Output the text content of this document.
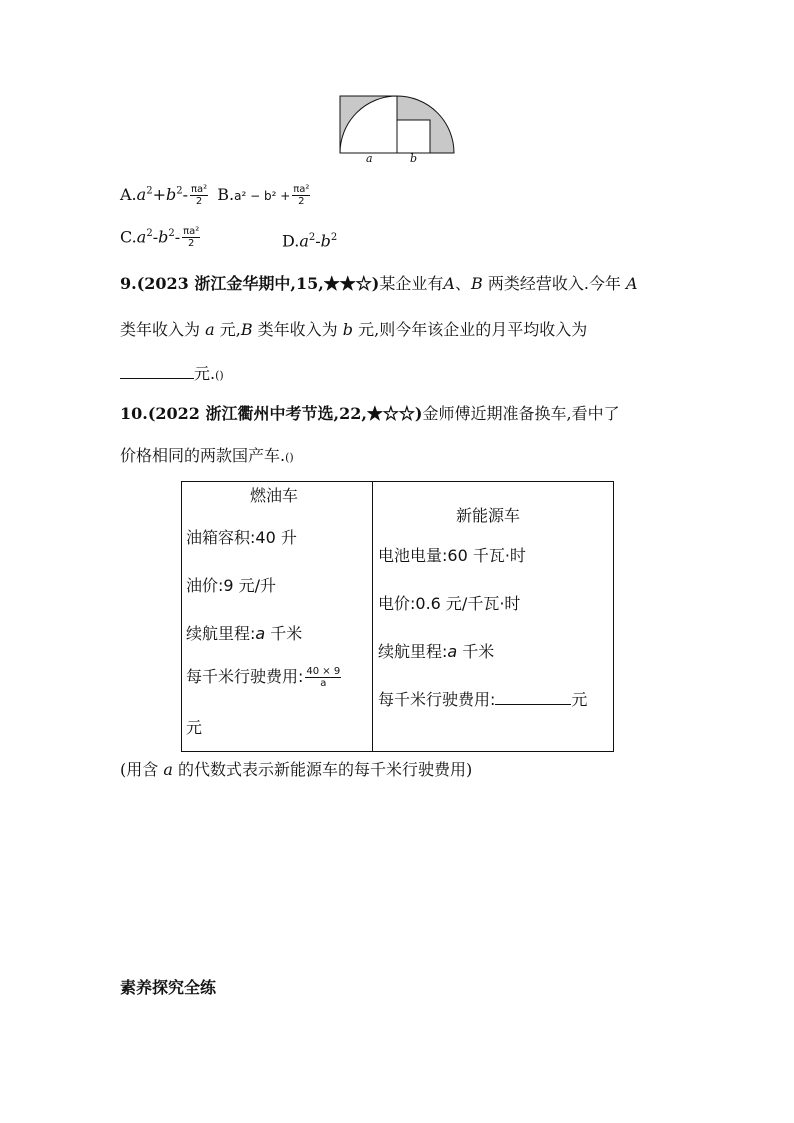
a	b
$A.a^2+b^2- \frac{\text{πa²}}{2} B.a^2 - b^2 + \frac{\text{πa²}}{2}$
$C.a^2-b^2- \frac{\text{πa²}}{2}$	$D.a^2-b^2$
9.(2023 浙江金华期中,15,★★☆)某企业有A、B 两类经营收入.今年 A
类年收入为 a 元,B 类年收入为 b 元,则今年该企业的月平均收入为
元.()
10.(2022 浙江衢州中考节选,22,★☆☆)金师傅近期准备换车,看中了
价格相同的两款国产车.()
燃油车
油箱容积:40 升
油价:9 元/升
续航里程:a 千米
每千米行驶费用: $\frac{40 \times 9}{a}$
元
新能源车
电池电量:60 千瓦·时
电价:0.6 元/千瓦·时
续航里程:a 千米
每千米行驶费用:	元
(用含 a 的代数式表示新能源车的每千米行驶费用)
素养探究全练
